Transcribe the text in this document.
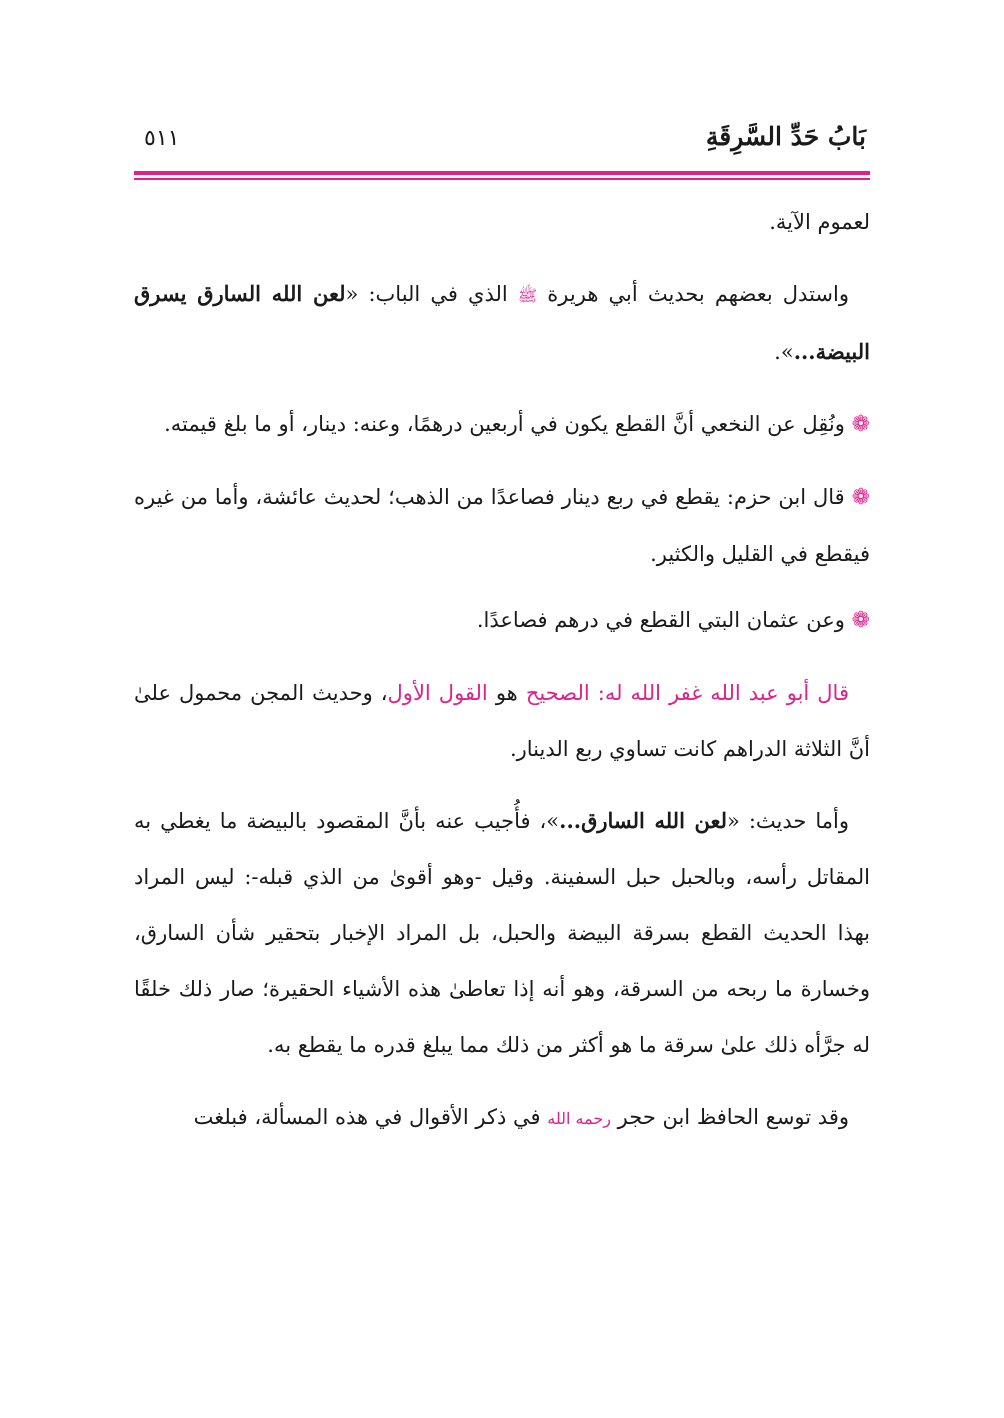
بَابُ حَدِّ السَّرِقَةِ
٥١١

لعموم الآية.

 واستدل بعضهم بحديث أبي هريرة ﷺ الذي في الباب: «لعن الله السارق يسرق البيضة...».

❁ ونُقِل عن النخعي أنَّ القطع يكون في أربعين درهمًا، وعنه: دينار، أو ما بلغ قيمته.

❁ قال ابن حزم: يقطع في ربع دينار فصاعدًا من الذهب؛ لحديث عائشة، وأما من غيره فيقطع في القليل والكثير.

❁ وعن عثمان البتي القطع في درهم فصاعدًا.

 قال أبو عبد الله غفر الله له: الصحيح هو القول الأول، وحديث المجن محمول علىٰ أنَّ الثلاثة الدراهم كانت تساوي ربع الدينار.

 وأما حديث: «لعن الله السارق...»، فأُجيب عنه بأنَّ المقصود بالبيضة ما يغطي به المقاتل رأسه، وبالحبل حبل السفينة. وقيل -وهو أقوىٰ من الذي قبله-: ليس المراد بهذا الحديث القطع بسرقة البيضة والحبل، بل المراد الإخبار بتحقير شأن السارق، وخسارة ما ربحه من السرقة، وهو أنه إذا تعاطىٰ هذه الأشياء الحقيرة؛ صار ذلك خلقًا له جرَّأه ذلك علىٰ سرقة ما هو أكثر من ذلك مما يبلغ قدره ما يقطع به.

 وقد توسع الحافظ ابن حجر رحمه الله في ذكر الأقوال في هذه المسألة، فبلغت
